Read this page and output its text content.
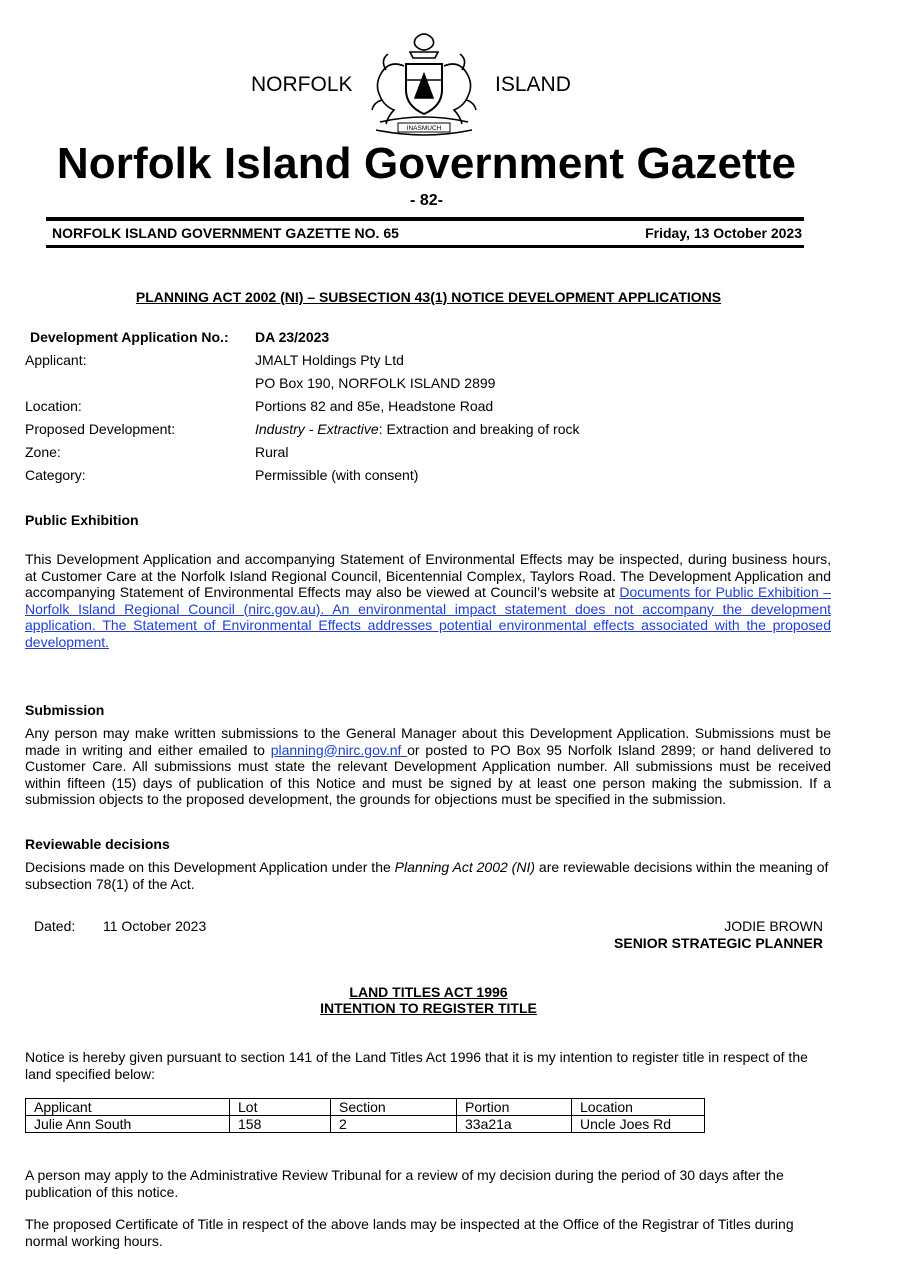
NORFOLK	ISLAND
INASMUCH
Norfolk Island Government Gazette
- 82-
NORFOLK ISLAND GOVERNMENT GAZETTE NO. 65	Friday, 13 October 2023
PLANNING ACT 2002 (NI) – SUBSECTION 43(1) NOTICE DEVELOPMENT APPLICATIONS
Development Application No.: DA 23/2023
Applicant:	JMALT Holdings Pty Ltd
PO Box 190, NORFOLK ISLAND 2899
Location:	Portions 82 and 85e, Headstone Road
Proposed Development:	Industry - Extractive: Extraction and breaking of rock
Zone:	Rural
Category:	Permissible (with consent)
Public Exhibition
This Development Application and accompanying Statement of Environmental Effects may be inspected, during business hours, at Customer Care at the Norfolk Island Regional Council, Bicentennial Complex, Taylors Road. The Development Application and accompanying Statement of Environmental Effects may also be viewed at Council’s website at Documents for Public Exhibition – Norfolk Island Regional Council (nirc.gov.au). An environmental impact statement does not accompany the development application. The Statement of Environmental Effects addresses potential environmental effects associated with the proposed development.
Submission
Any person may make written submissions to the General Manager about this Development Application. Submissions must be made in writing and either emailed to planning@nirc.gov.nf or posted to PO Box 95 Norfolk Island 2899; or hand delivered to Customer Care. All submissions must state the relevant Development Application number. All submissions must be received within fifteen (15) days of publication of this Notice and must be signed by at least one person making the submission. If a submission objects to the proposed development, the grounds for objections must be specified in the submission.
Reviewable decisions
Decisions made on this Development Application under the Planning Act 2002 (NI) are reviewable decisions within the meaning of subsection 78(1) of the Act.
Dated: 11 October 2023	JODIE BROWN
SENIOR STRATEGIC PLANNER
LAND TITLES ACT 1996
INTENTION TO REGISTER TITLE
Notice is hereby given pursuant to section 141 of the Land Titles Act 1996 that it is my intention to register title in respect of the land specified below:
Applicant	Lot	Section	Portion	Location
Julie Ann South	158	2	33a21a	Uncle Joes Rd
A person may apply to the Administrative Review Tribunal for a review of my decision during the period of 30 days after the publication of this notice.
The proposed Certificate of Title in respect of the above lands may be inspected at the Office of the Registrar of Titles during normal working hours.
